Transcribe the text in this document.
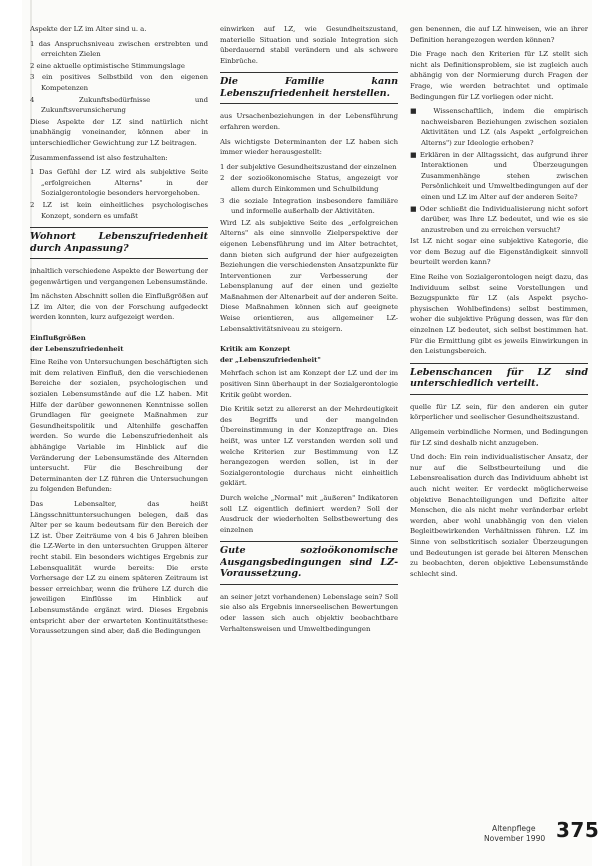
Aspekte der LZ im Alter sind u. a.

1 das Anspruchsniveau zwischen erstrebten und erreichten Zielen

2 eine aktuelle optimistische Stimmungslage

3 ein positives Selbstbild von den eigenen Kompetenzen

4 Zukunftsbedürfnisse und Zukunftsverunsicherung

Diese Aspekte der LZ sind natürlich nicht unabhängig voneinander, können aber in unterschiedlicher Gewichtung zur LZ beitragen.

Zusammenfassend ist also festzuhalten:

1 Das Gefühl der LZ wird als subjektive Seite „erfolgreichen Alterns" in der Sozialgerontologie besonders hervorgehoben.

2 LZ ist kein einheitliches psychologisches Konzept, sondern es umfaßt

Wohnort Lebenszufriedenheit durch Anpassung?

inhaltlich verschiedene Aspekte der Bewertung der gegenwärtigen und vergangenen Lebensumstände.

Im nächsten Abschnitt sollen die Einflußgrößen auf LZ im Alter, die von der Forschung aufgedeckt werden konnten, kurz aufgezeigt werden.

Einflußgrößen

der Lebenszufriedenheit

Eine Reihe von Untersuchungen beschäftigten sich mit dem relativen Einfluß, den die verschiedenen Bereiche der sozialen, psychologischen und sozialen Lebensumstände auf die LZ haben. Mit Hilfe der darüber gewonnenen Kenntnisse sollen Grundlagen für geeignete Maßnahmen zur Gesundheitspolitik und Altenhilfe geschaffen werden. So wurde die Lebenszufriedenheit als abhängige Variable im Hinblick auf die Veränderung der Lebensumstände des Alternden untersucht. Für die Beschreibung der Determinanten der LZ führen die Untersuchungen zu folgenden Befunden:

Das Lebensalter, das heißt Längsschnittuntersuchungen belegen, daß das Alter per se kaum bedeutsam für den Bereich der LZ ist. Über Zeiträume von 4 bis 6 Jahren bleiben die LZ-Werte in den untersuchten Gruppen älterer recht stabil. Ein besonders wichtiges Ergebnis zur Lebensqualität wurde bereits: Die erste Vorhersage der LZ zu einem späteren Zeitraum ist besser erreichbar, wenn die frühere LZ durch die jeweiligen Einflüsse im Hinblick auf Lebensumstände ergänzt wird. Dieses Ergebnis entspricht aber der erwarteten Kontinuitätsthese: Voraussetzungen sind aber, daß die Bedingungen

einwirken auf LZ, wie Gesundheitszustand, materielle Situation und soziale Integration sich überdauernd stabil verändern und als schwere Einbrüche.

Die Familie kann Lebenszufriedenheit herstellen.

aus Ursachenbeziehungen in der Lebensführung erfahren werden.

Als wichtigste Determinanten der LZ haben sich immer wieder herausgestellt:

1 der subjektive Gesundheitszustand der einzelnen

2 der sozioökonomische Status, angezeigt vor allem durch Einkommen und Schulbildung

3 die soziale Integration insbesondere familiäre und informelle außerhalb der Aktivitäten.

Wird LZ als subjektive Seite des „erfolgreichen Alterns" als eine sinnvolle Zielperspektive der eigenen Lebensführung und im Alter betrachtet, dann bieten sich aufgrund der hier aufgezeigten Beziehungen die verschiedensten Ansatzpunkte für Interventionen zur Verbesserung der Lebensplanung auf der einen und gezielte Maßnahmen der Altenarbeit auf der anderen Seite. Diese Maßnahmen können sich auf geeignete Weise orientieren, aus allgemeiner LZ-Lebensaktivitätsniveau zu steigern.

Kritik am Konzept

der „Lebenszufriedenheit"

Mehrfach schon ist am Konzept der LZ und der im positiven Sinn überhaupt in der Sozialgerontologie Kritik geübt worden.

Die Kritik setzt zu allererst an der Mehrdeutigkeit des Begriffs und der mangelnden Übereinstimmung in der Konzeptfrage an. Dies heißt, was unter LZ verstanden werden soll und welche Kriterien zur Bestimmung von LZ herangezogen werden sollen, ist in der Sozialgerontologie durchaus nicht einheitlich geklärt.

Durch welche „Normal" mit „äußeren" Indikatoren soll LZ eigentlich definiert werden? Soll der Ausdruck der wiederholten Selbstbewertung des einzelnen

Gute sozioökonomische Ausgangsbedingungen sind LZ-Voraussetzung.

an seiner jetzt vorhandenen) Lebenslage sein? Soll sie also als Ergebnis innerseelischen Bewertungen oder lassen sich auch objektiv beobachtbare Verhaltensweisen und Umweltbedingungen

gen benennen, die auf LZ hinweisen, wie an ihrer Definition herangezogen werden können?

Die Frage nach den Kriterien für LZ stellt sich nicht als Definitionsproblem, sie ist zugleich auch abhängig von der Normierung durch Fragen der Frage, wie werden betrachtet und optimale Bedingungen für LZ vorliegen oder nicht.

■ Wissenschaftlich, indem die empirisch nachweisbaren Beziehungen zwischen sozialen Aktivitäten und LZ (als Aspekt „erfolgreichen Alterns") zur Ideologie erhoben?

■ Erklären in der Alltagssicht, das aufgrund ihrer Interaktionen und Überzeugungen Zusammenhänge stehen zwischen Persönlichkeit und Umweltbedingungen auf der einen und LZ im Alter auf der anderen Seite?

■ Oder schließt die Individualisierung nicht sofort darüber, was Ihre LZ bedeutet, und wie es sie anzustreben und zu erreichen versucht?

Ist LZ nicht sogar eine subjektive Kategorie, die vor dem Bezug auf die Eigenständigkeit sinnvoll beurteilt werden kann?

Eine Reihe von Sozialgerontologen neigt dazu, das Individuum selbst seine Vorstellungen und Bezugspunkte für LZ (als Aspekt psycho-physischen Wohlbefindens) selbst bestimmen, woher die subjektive Prägung dessen, was für den einzelnen LZ bedeutet, sich selbst bestimmen hat. Für die Ermittlung gibt es jeweils Einwirkungen in den Leistungsbereich.

Lebenschancen für LZ sind unterschiedlich verteilt.

quelle für LZ sein, für den anderen ein guter körperlicher und seelischer Gesundheitszustand.

Allgemein verbindliche Normen, und Bedingungen für LZ sind deshalb nicht anzugeben.

Und doch: Ein rein individualistischer Ansatz, der nur auf die Selbstbeurteilung und die Lebensrealisation durch das Individuum abhebt ist auch nicht weiter. Er verdeckt möglicherweise objektive Benachteiligungen und Defizite alter Menschen, die als nicht mehr veränderbar erlebt werden, aber wohl unabhängig von den vielen Begleitbewirkenden Verhältnissen führen. LZ im Sinne von selbstkritisch sozialer Überzeugungen und Bedeutungen ist gerade bei älteren Menschen zu beobachten, deren objektive Lebensumstände schlecht sind.

Altenpflege
November 1990 375
